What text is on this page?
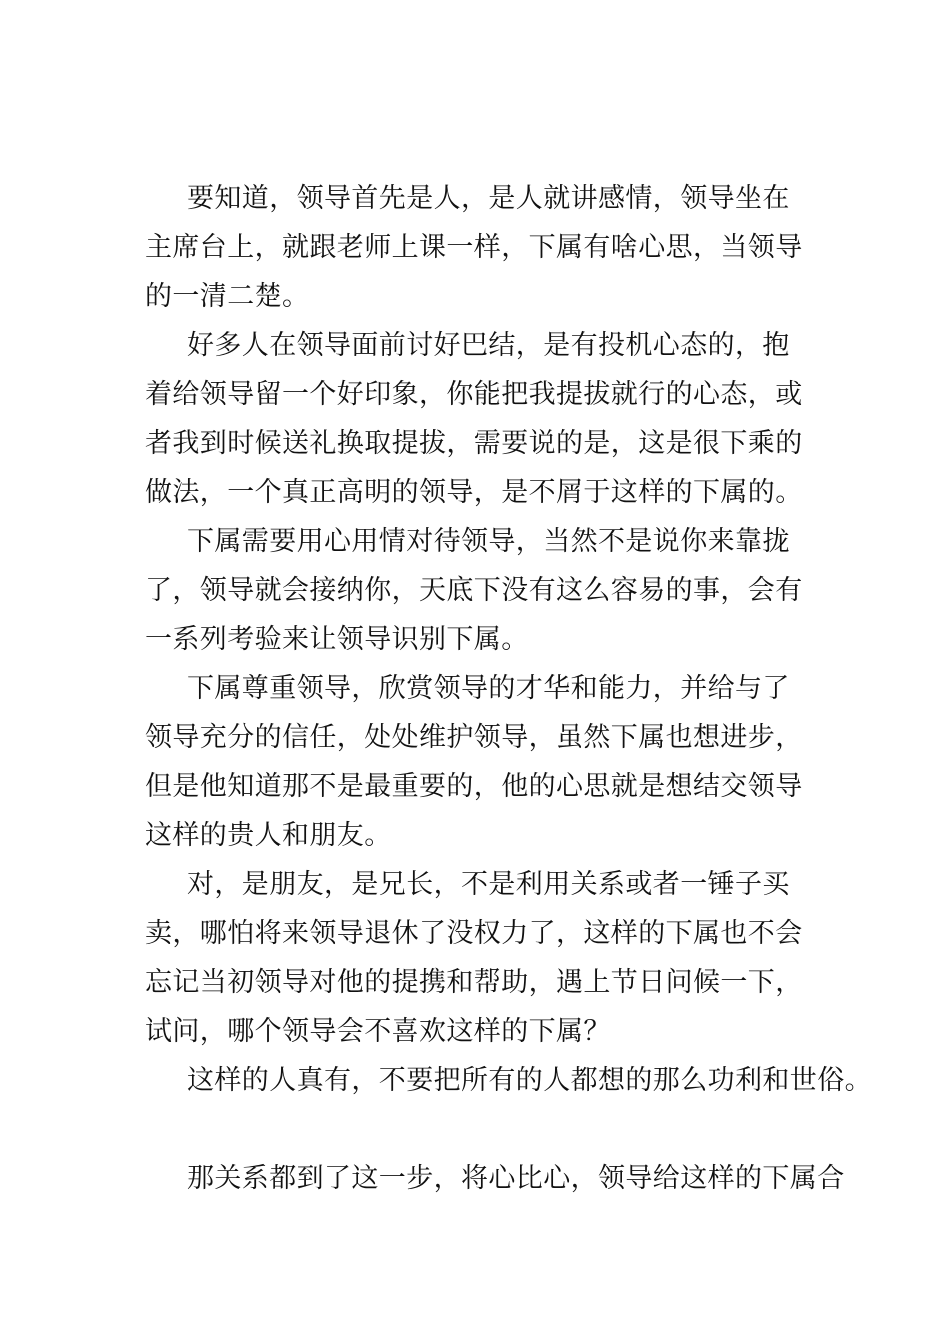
要知道，领导首先是人，是人就讲感情，领导坐在主席台上，就跟老师上课一样，下属有啥心思，当领导的一清二楚。

好多人在领导面前讨好巴结，是有投机心态的，抱着给领导留一个好印象，你能把我提拔就行的心态，或者我到时候送礼换取提拔，需要说的是，这是很下乘的做法，一个真正高明的领导，是不屑于这样的下属的。

下属需要用心用情对待领导，当然不是说你来靠拢了，领导就会接纳你，天底下没有这么容易的事，会有一系列考验来让领导识别下属。

下属尊重领导，欣赏领导的才华和能力，并给与了领导充分的信任，处处维护领导，虽然下属也想进步，但是他知道那不是最重要的，他的心思就是想结交领导这样的贵人和朋友。

对，是朋友，是兄长，不是利用关系或者一锤子买卖，哪怕将来领导退休了没权力了，这样的下属也不会忘记当初领导对他的提携和帮助，遇上节日问候一下，试问，哪个领导会不喜欢这样的下属？

这样的人真有，不要把所有的人都想的那么功利和世俗。

那关系都到了这一步，将心比心，领导给这样的下属合
